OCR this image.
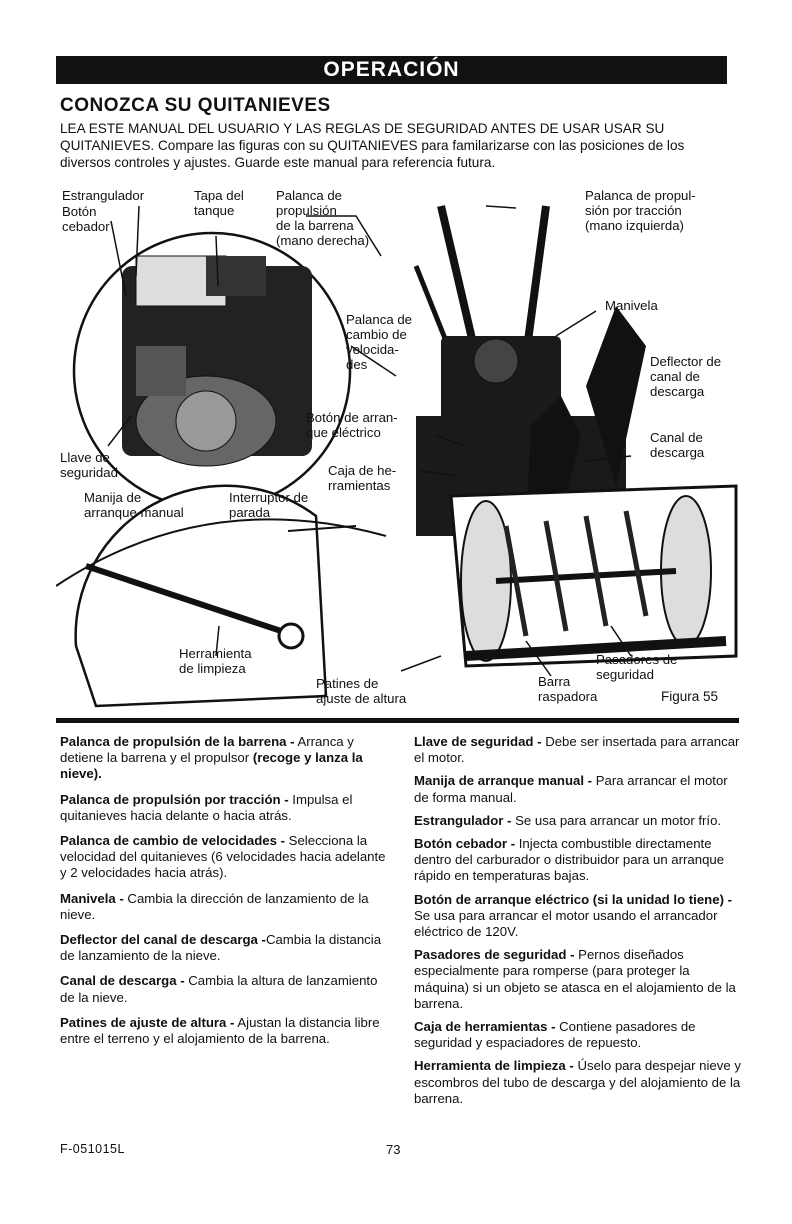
OPERACIÓN
CONOZCA SU QUITANIEVES
LEA ESTE MANUAL DEL USUARIO Y LAS REGLAS DE SEGURIDAD ANTES DE USAR USAR SU QUITANIEVES. Compare las figuras con su QUITANIEVES para familarizarse con las posiciones de los diversos controles y ajustes. Guarde este manual para referencia futura.
Estrangulador	Tapa del
tanque
Palanca de
propulsión
de la barrena
(mano derecha)
Palanca de propul-
sión por tracción
(mano izquierda)
Botón
cebador
Manivela
Palanca de
cambio de
velocida-
des	Deflector de
canal de
descarga
Botón de arran-
que eléctrico	Canal de
descarga
Llave de
seguridad	Caja de he-
rramientas
Manija de
arranque manual
Interruptor de
parada
Herramienta
de limpieza
Patines de
ajuste de altura
Pasadores de
seguridad
Barra
raspadora	Figura 55
Palanca de propulsión de la barrena - Arranca y detiene la barrena y el propulsor (recoge y lanza la nieve).
Palanca de propulsión por tracción - Impulsa el quitanieves hacia delante o hacia atrás.
Palanca de cambio de velocidades - Selecciona la velocidad del quitanieves (6 velocidades hacia adelante y 2 velocidades hacia atrás).
Manivela - Cambia la dirección de lanzamiento de la nieve.
Deflector del canal de descarga -Cambia la distancia de lanzamiento de la nieve.
Canal de descarga - Cambia la altura de lanzamiento de la nieve.
Patines de ajuste de altura - Ajustan la distancia libre entre el terreno y el alojamiento de la barrena.
Llave de seguridad - Debe ser insertada para arrancar el motor.
Manija de arranque manual - Para arrancar el motor de forma manual.
Estrangulador - Se usa para arrancar un motor frío.
Botón cebador - Injecta combustible directamente dentro del carburador o distribuidor para un arranque rápido en temperaturas bajas.
Botón de arranque eléctrico (si la unidad lo tiene) - Se usa para arrancar el motor usando el arrancador eléctrico de 120V.
Pasadores de seguridad - Pernos diseñados especialmente para romperse (para proteger la máquina) si un objeto se atasca en el alojamiento de la barrena.
Caja de herramientas - Contiene pasadores de seguridad y espaciadores de repuesto.
Herramienta de limpieza - Úselo para despejar nieve y escombros del tubo de descarga y del alojamiento de la barrena.
F-051015L	73
